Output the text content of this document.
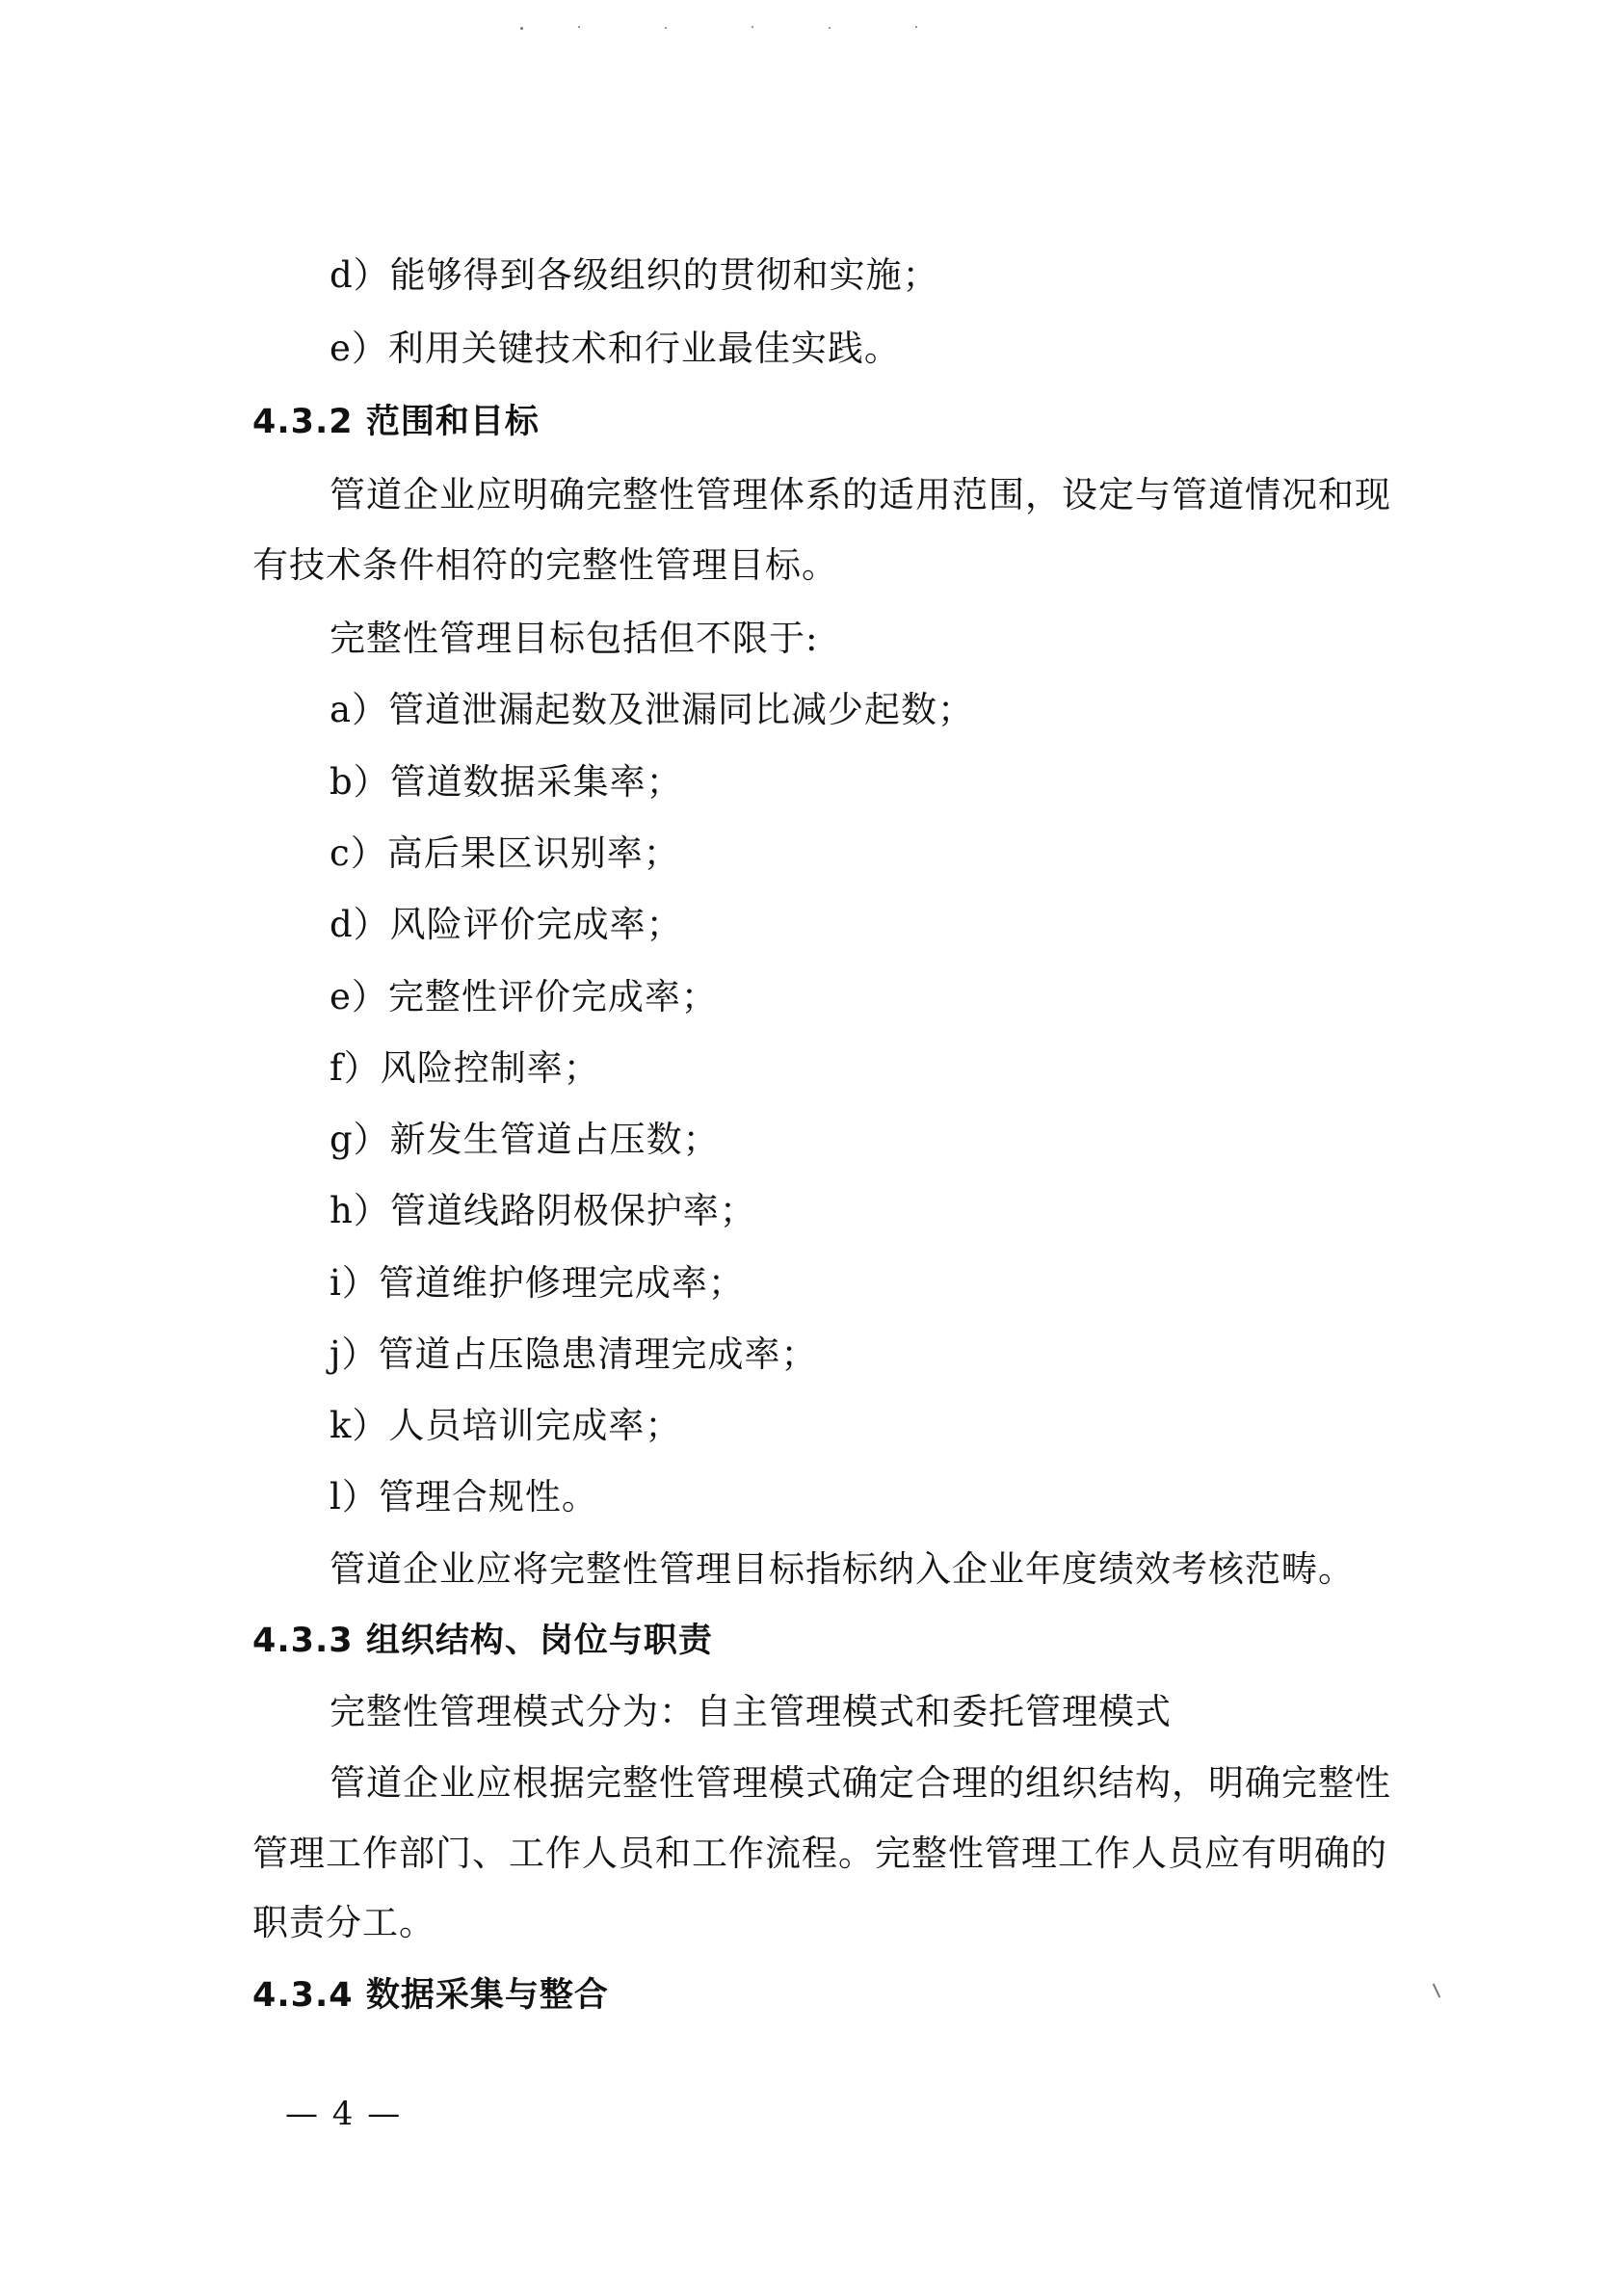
d）能够得到各级组织的贯彻和实施；
e）利用关键技术和行业最佳实践。
4.3.2 范围和目标
管道企业应明确完整性管理体系的适用范围，设定与管道情况和现
有技术条件相符的完整性管理目标。
完整性管理目标包括但不限于:
a）管道泄漏起数及泄漏同比减少起数；
b）管道数据采集率；
c）高后果区识别率；
d）风险评价完成率；
e）完整性评价完成率；
f）风险控制率；
g）新发生管道占压数；
h）管道线路阴极保护率；
i）管道维护修理完成率；
j）管道占压隐患清理完成率；
k）人员培训完成率；
l）管理合规性。
管道企业应将完整性管理目标指标纳入企业年度绩效考核范畴。
4.3.3 组织结构、岗位与职责
完整性管理模式分为：自主管理模式和委托管理模式
管道企业应根据完整性管理模式确定合理的组织结构，明确完整性
管理工作部门、工作人员和工作流程。完整性管理工作人员应有明确的
职责分工。
4.3.4 数据采集与整合
— 4 —
